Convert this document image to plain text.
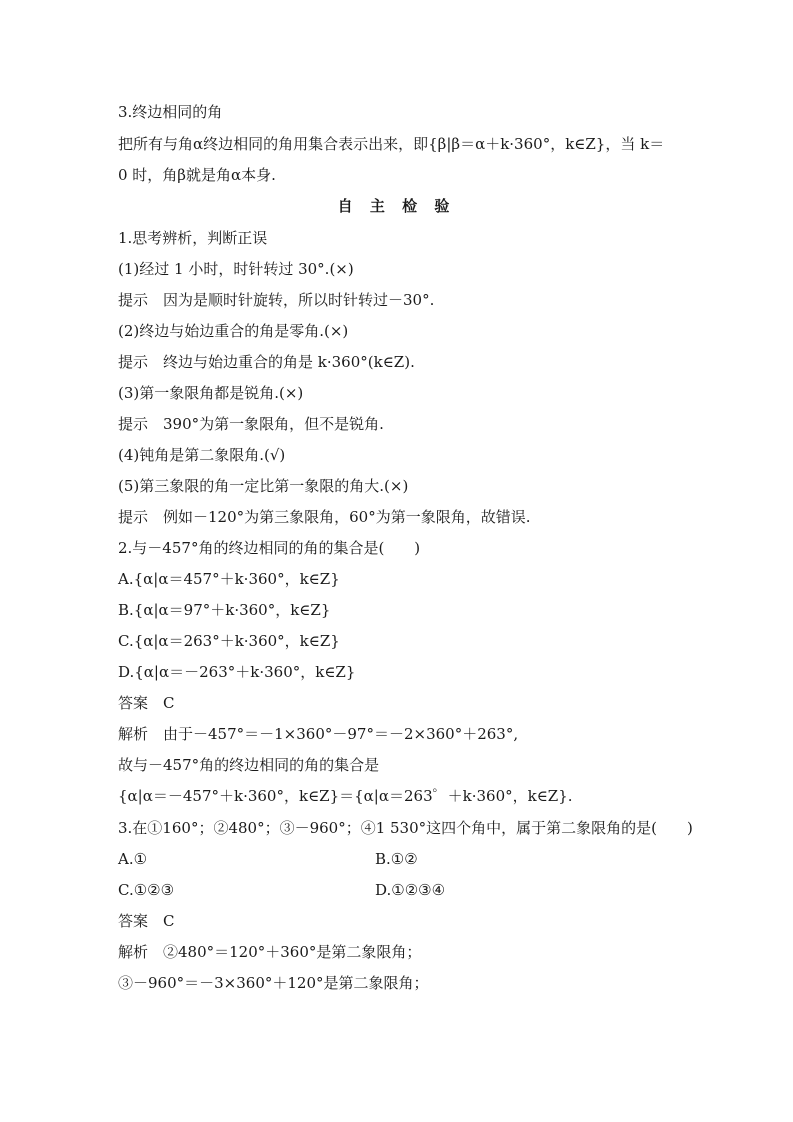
3.终边相同的角
把所有与角α终边相同的角用集合表示出来，即{β|β＝α＋k·360°，k∈Z}，当 k＝
0 时，角β就是角α本身.
自 主 检 验
1.思考辨析，判断正误
(1)经过 1 小时，时针转过 30°.(×)
提示　因为是顺时针旋转，所以时针转过－30°.
(2)终边与始边重合的角是零角.(×)
提示　终边与始边重合的角是 k·360°(k∈Z).
(3)第一象限角都是锐角.(×)
提示　390°为第一象限角，但不是锐角.
(4)钝角是第二象限角.(√)
(5)第三象限的角一定比第一象限的角大.(×)
提示　例如－120°为第三象限角，60°为第一象限角，故错误.
2.与－457°角的终边相同的角的集合是(　　)
A.{α|α＝457°＋k·360°，k∈Z}
B.{α|α＝97°＋k·360°，k∈Z}
C.{α|α＝263°＋k·360°，k∈Z}
D.{α|α＝－263°＋k·360°，k∈Z}
答案　C
解析　由于－457°＝－1×360°－97°＝－2×360°＋263°,
故与－457°角的终边相同的角的集合是
{α|α＝－457°＋k·360°，k∈Z}＝{α|α＝263゜＋k·360°，k∈Z}.
3.在①160°；②480°；③－960°；④1 530°这四个角中，属于第二象限角的是(　　)
A.①	B.①②
C.①②③	D.①②③④
答案　C
解析　②480°＝120°＋360°是第二象限角；
③－960°＝－3×360°＋120°是第二象限角；
